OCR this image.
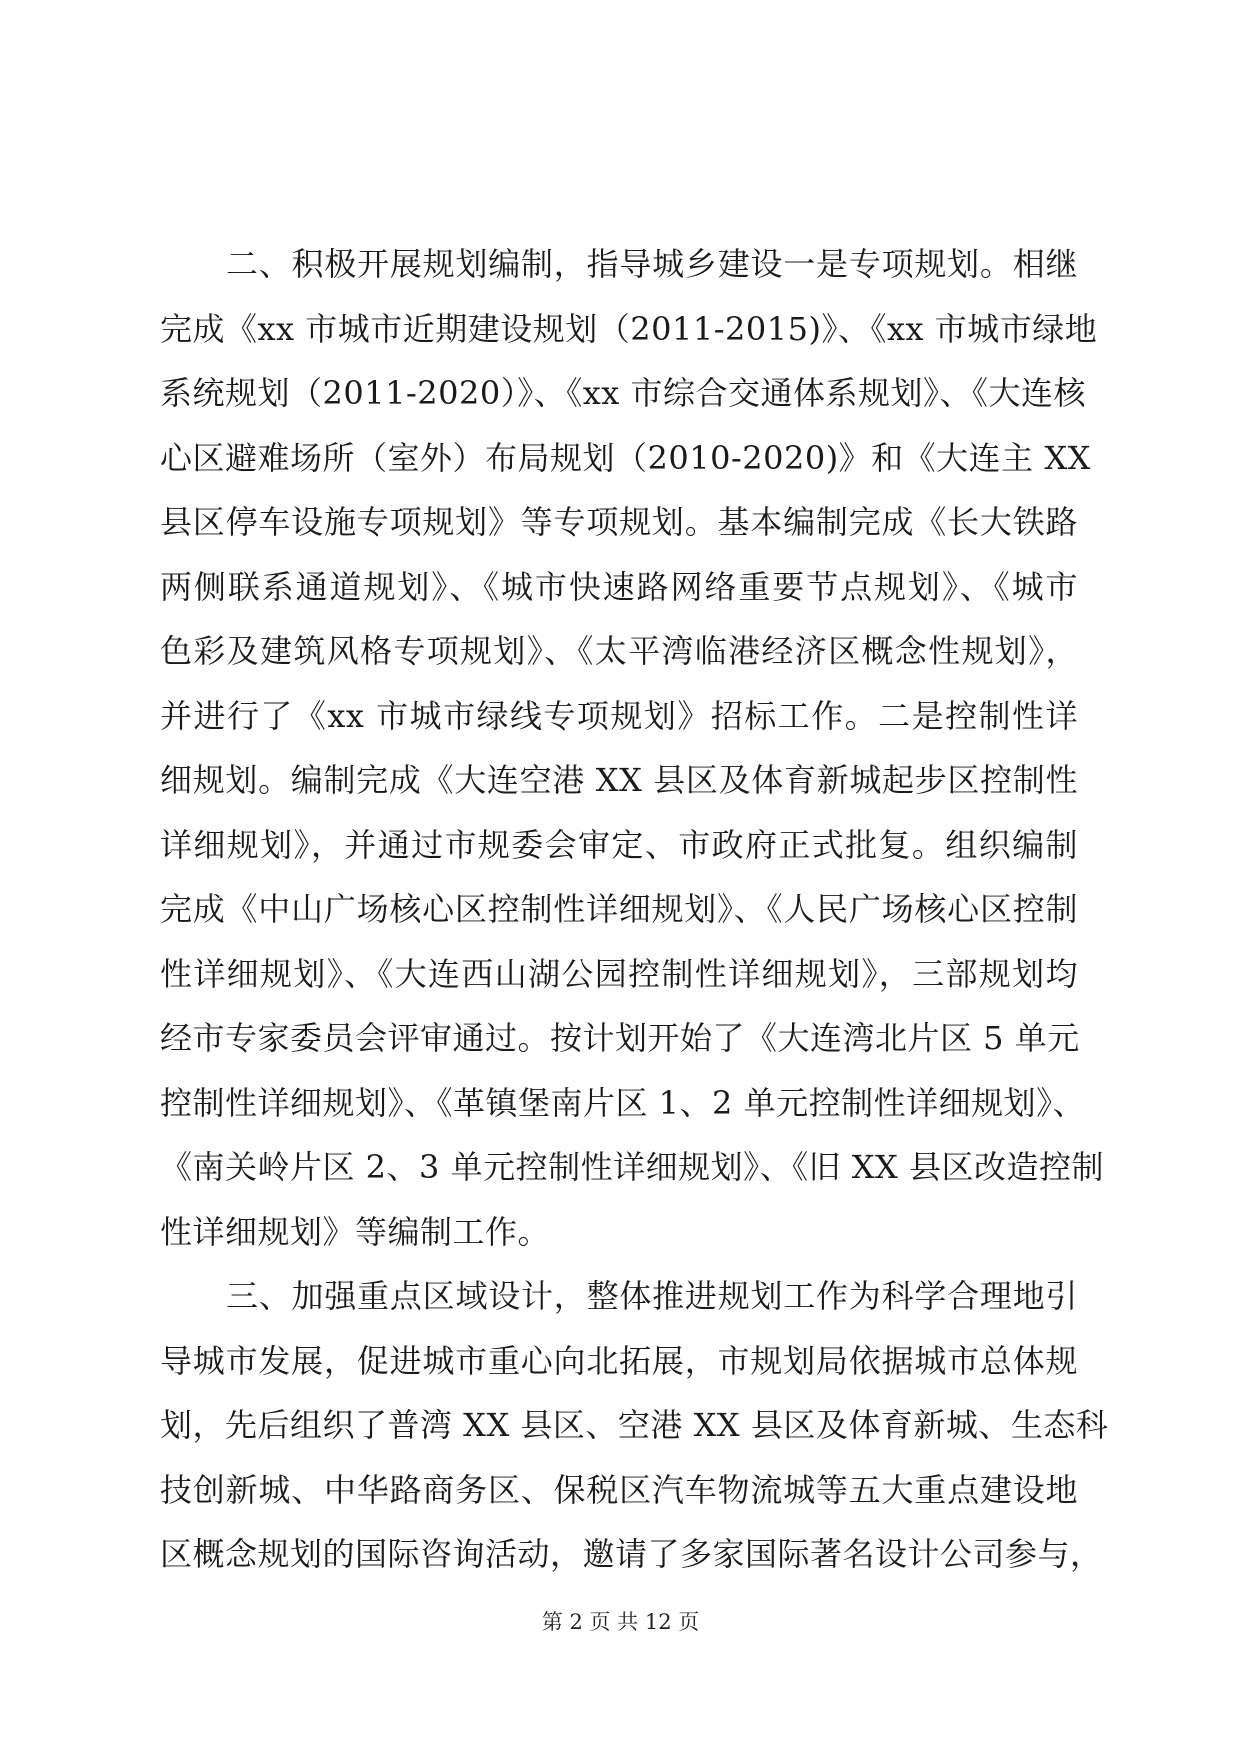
二、积极开展规划编制，指导城乡建设一是专项规划。相继
完成《xx 市城市近期建设规划（2011-2015)》、《xx 市城市绿地
系统规划（2011-2020）》、《xx 市综合交通体系规划》、《大连核
心区避难场所（室外）布局规划（2010-2020)》和《大连主 XX
县区停车设施专项规划》等专项规划。基本编制完成《长大铁路
两侧联系通道规划》、《城市快速路网络重要节点规划》、《城市
色彩及建筑风格专项规划》、《太平湾临港经济区概念性规划》，
并进行了《xx 市城市绿线专项规划》招标工作。二是控制性详
细规划。编制完成《大连空港 XX 县区及体育新城起步区控制性
详细规划》，并通过市规委会审定、市政府正式批复。组织编制
完成《中山广场核心区控制性详细规划》、《人民广场核心区控制
性详细规划》、《大连西山湖公园控制性详细规划》，三部规划均
经市专家委员会评审通过。按计划开始了《大连湾北片区 5 单元
控制性详细规划》、《革镇堡南片区 1、2 单元控制性详细规划》、
《南关岭片区 2、3 单元控制性详细规划》、《旧 XX 县区改造控制
性详细规划》等编制工作。
三、加强重点区域设计，整体推进规划工作为科学合理地引
导城市发展，促进城市重心向北拓展，市规划局依据城市总体规
划，先后组织了普湾 XX 县区、空港 XX 县区及体育新城、生态科
技创新城、中华路商务区、保税区汽车物流城等五大重点建设地
区概念规划的国际咨询活动，邀请了多家国际著名设计公司参与，
第 2 页 共 12 页
